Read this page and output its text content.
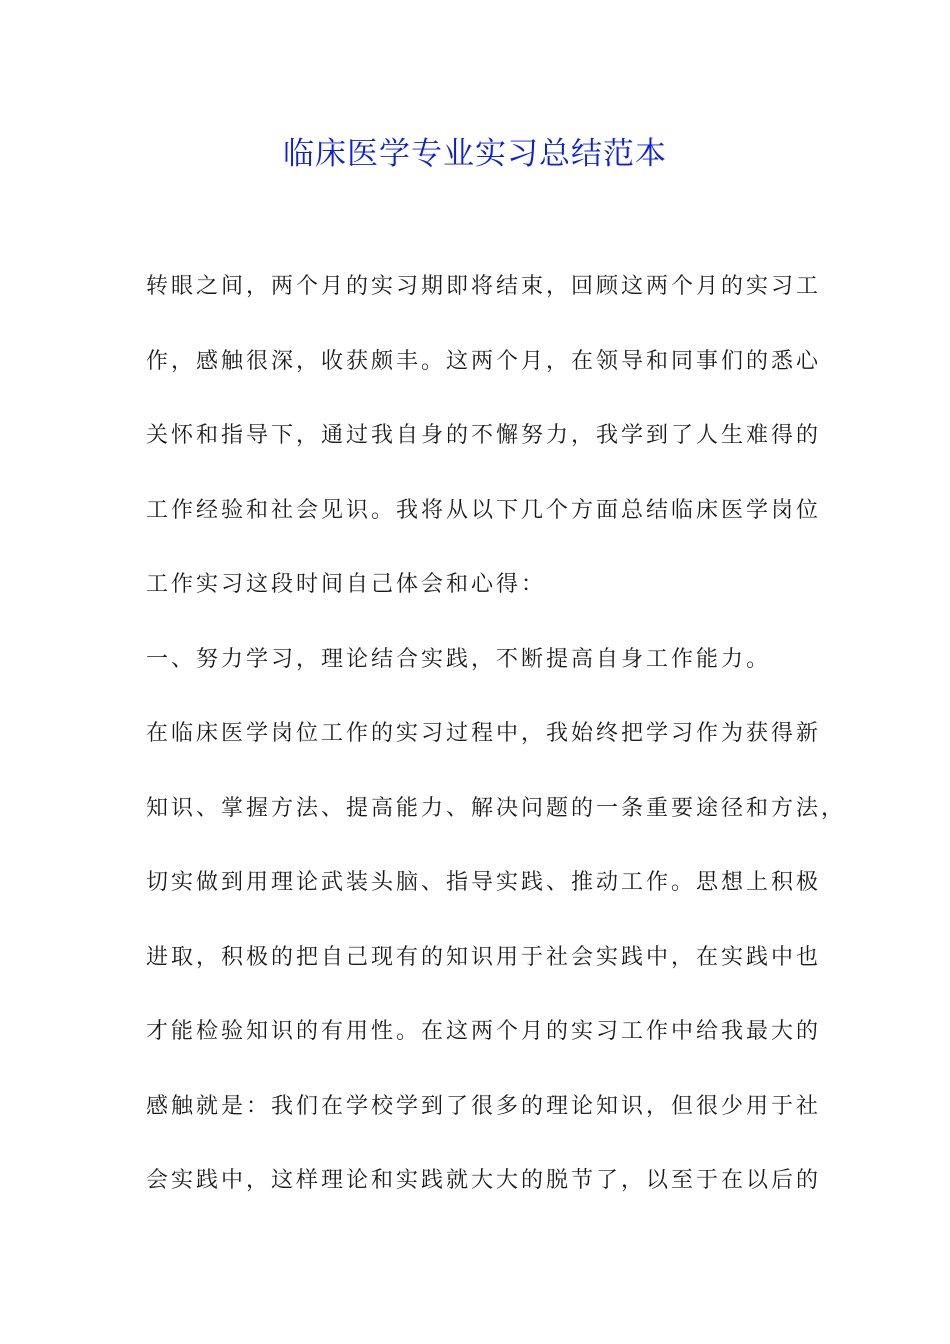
临床医学专业实习总结范本
转眼之间，两个月的实习期即将结束，回顾这两个月的实习工
作，感触很深，收获颇丰。这两个月，在领导和同事们的悉心
关怀和指导下，通过我自身的不懈努力，我学到了人生难得的
工作经验和社会见识。我将从以下几个方面总结临床医学岗位
工作实习这段时间自己体会和心得：
一、努力学习，理论结合实践，不断提高自身工作能力。
在临床医学岗位工作的实习过程中，我始终把学习作为获得新
知识、掌握方法、提高能力、解决问题的一条重要途径和方法，
切实做到用理论武装头脑、指导实践、推动工作。思想上积极
进取，积极的把自己现有的知识用于社会实践中，在实践中也
才能检验知识的有用性。在这两个月的实习工作中给我最大的
感触就是：我们在学校学到了很多的理论知识，但很少用于社
会实践中，这样理论和实践就大大的脱节了，以至于在以后的
